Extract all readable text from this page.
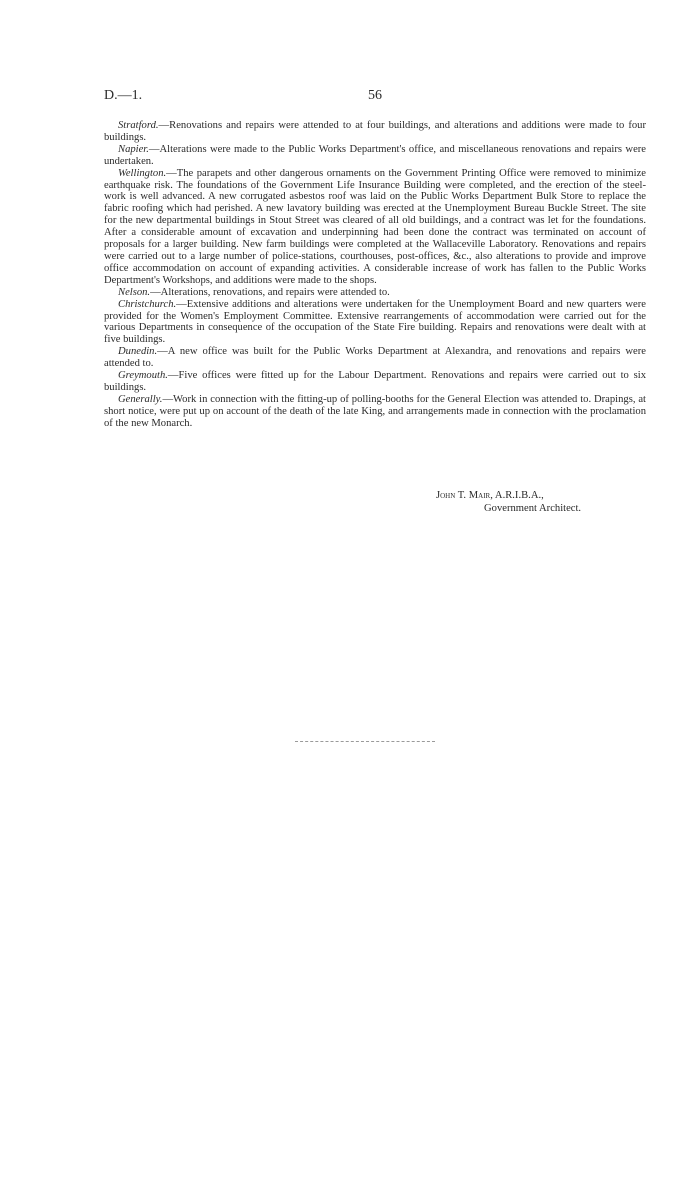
D.—1.	56

Stratford.—Renovations and repairs were attended to at four buildings, and alterations and additions were made to four buildings.

Napier.—Alterations were made to the Public Works Department's office, and miscellaneous renovations and repairs were undertaken.

Wellington.—The parapets and other dangerous ornaments on the Government Printing Office were removed to minimize earthquake risk. The foundations of the Government Life Insurance Building were completed, and the erection of the steel-work is well advanced. A new corrugated asbestos roof was laid on the Public Works Department Bulk Store to replace the fabric roofing which had perished. A new lavatory building was erected at the Unemployment Bureau Buckle Street. The site for the new departmental buildings in Stout Street was cleared of all old buildings, and a contract was let for the foundations. After a considerable amount of excavation and underpinning had been done the contract was terminated on account of proposals for a larger building. New farm buildings were completed at the Wallaceville Laboratory. Renovations and repairs were carried out to a large number of police-stations, courthouses, post-offices, &c., also alterations to provide and improve office accommodation on account of expanding activities. A considerable increase of work has fallen to the Public Works Department's Workshops, and additions were made to the shops.

Nelson.—Alterations, renovations, and repairs were attended to.

Christchurch.—Extensive additions and alterations were undertaken for the Unemployment Board and new quarters were provided for the Women's Employment Committee. Extensive rearrangements of accommodation were carried out for the various Departments in consequence of the occupation of the State Fire building. Repairs and renovations were dealt with at five buildings.

Dunedin.—A new office was built for the Public Works Department at Alexandra, and renovations and repairs were attended to.

Greymouth.—Five offices were fitted up for the Labour Department. Renovations and repairs were carried out to six buildings.

Generally.—Work in connection with the fitting-up of polling-booths for the General Election was attended to. Drapings, at short notice, were put up on account of the death of the late King, and arrangements made in connection with the proclamation of the new Monarch.

John T. Mair, A.R.I.B.A.,
Government Architect.
